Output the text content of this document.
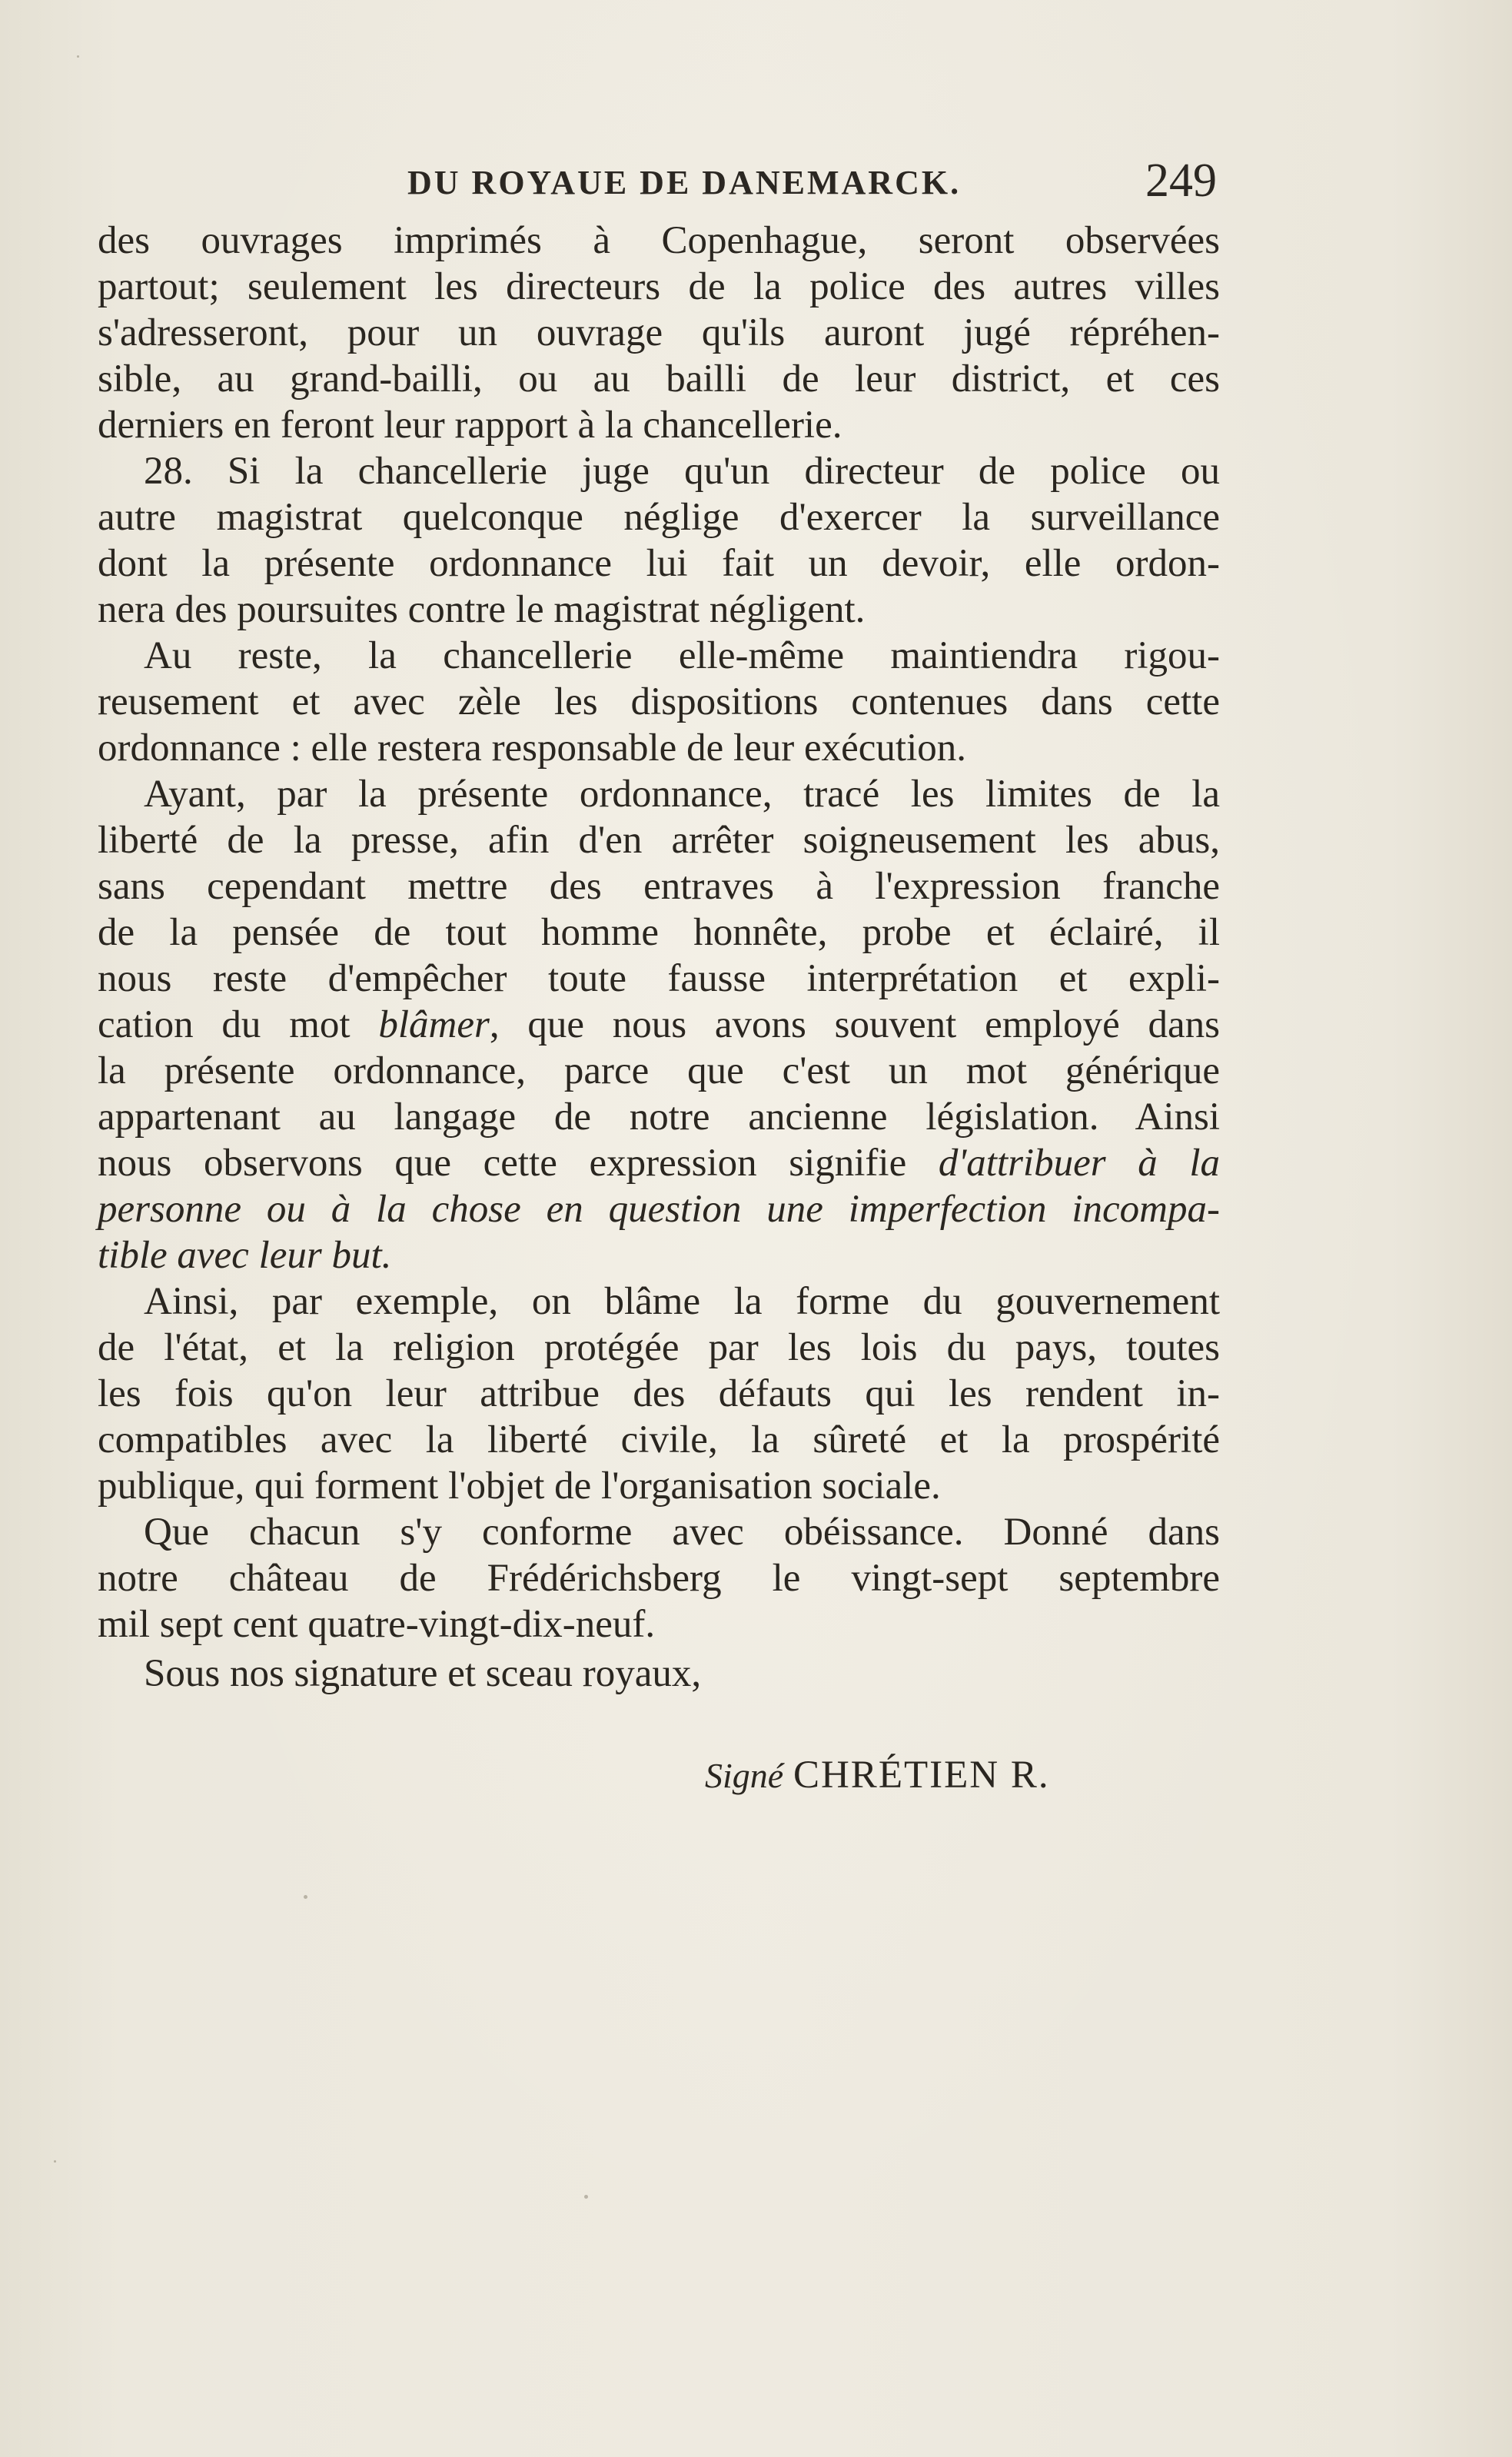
DU ROYAUE DE DANEMARCK.	249
des ouvrages imprimés à Copenhague, seront observées
partout; seulement les directeurs de la police des autres villes
s'adresseront, pour un ouvrage qu'ils auront jugé répréhen-
sible, au grand-bailli, ou au bailli de leur district, et ces
derniers en feront leur rapport à la chancellerie.
28. Si la chancellerie juge qu'un directeur de police ou
autre magistrat quelconque néglige d'exercer la surveillance
dont la présente ordonnance lui fait un devoir, elle ordon-
nera des poursuites contre le magistrat négligent.
Au reste, la chancellerie elle-même maintiendra rigou-
reusement et avec zèle les dispositions contenues dans cette
ordonnance : elle restera responsable de leur exécution.
Ayant, par la présente ordonnance, tracé les limites de la
liberté de la presse, afin d'en arrêter soigneusement les abus,
sans cependant mettre des entraves à l'expression franche
de la pensée de tout homme honnête, probe et éclairé, il
nous reste d'empêcher toute fausse interprétation et expli-
cation du mot blâmer, que nous avons souvent employé dans
la présente ordonnance, parce que c'est un mot générique
appartenant au langage de notre ancienne législation. Ainsi
nous observons que cette expression signifie d'attribuer à la
personne ou à la chose en question une imperfection incompa-
tible avec leur but.
Ainsi, par exemple, on blâme la forme du gouvernement
de l'état, et la religion protégée par les lois du pays, toutes
les fois qu'on leur attribue des défauts qui les rendent in-
compatibles avec la liberté civile, la sûreté et la prospérité
publique, qui forment l'objet de l'organisation sociale.
Que chacun s'y conforme avec obéissance. Donné dans
notre château de Frédérichsberg le vingt-sept septembre
mil sept cent quatre-vingt-dix-neuf.
Sous nos signature et sceau royaux,
Signé CHRÉTIEN R.
